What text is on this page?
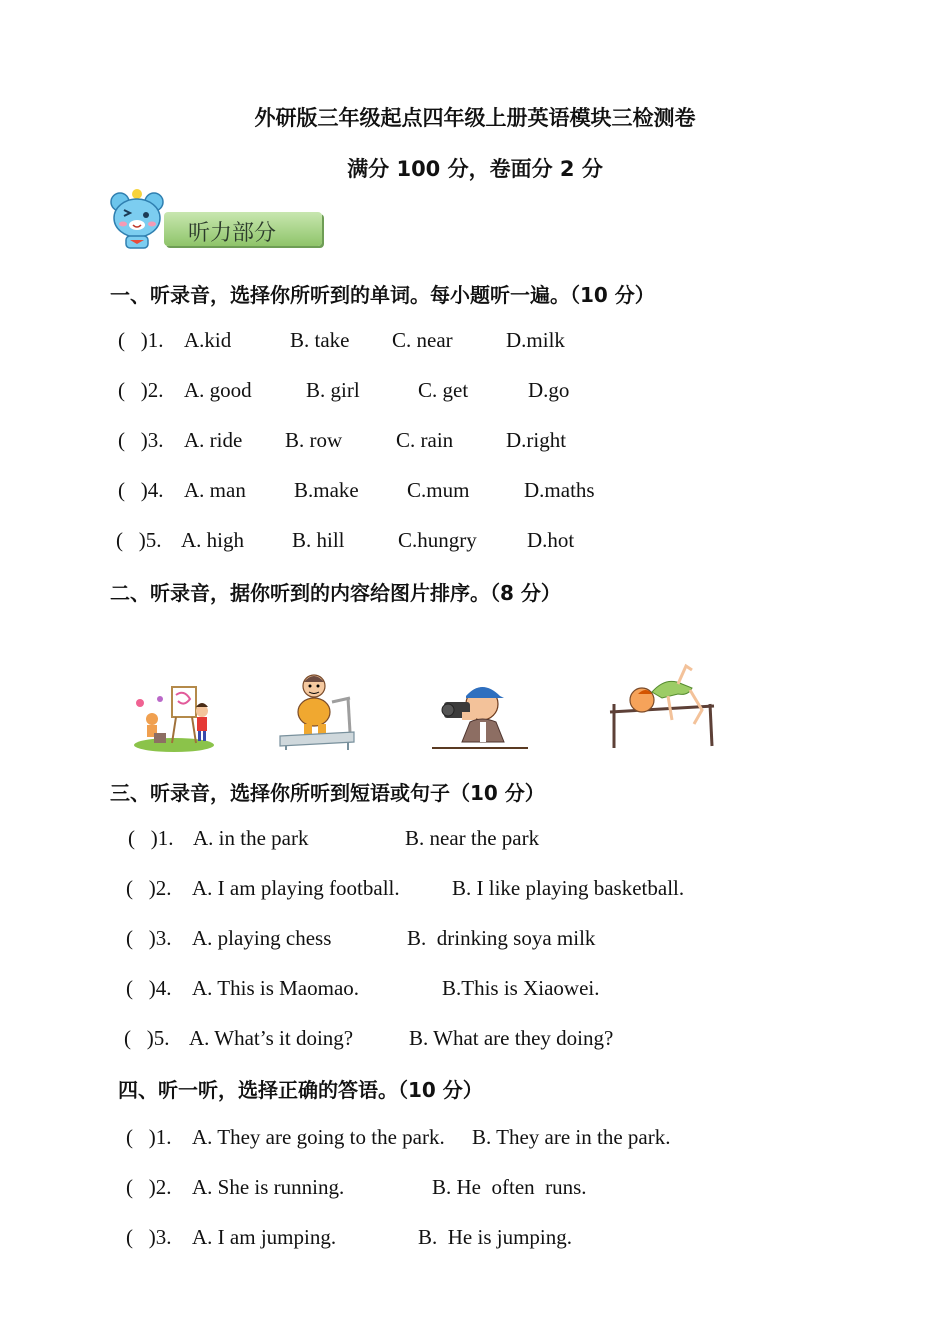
外研版三年级起点四年级上册英语模块三检测卷
满分 100 分，卷面分 2 分
听力部分
一、听录音，选择你所听到的单词。每小题听一遍。（10 分）
(   )1. A.kid	B. take C. near	D.milk
(   )2. A. good	B. girl	C. get	D.go
(   )3. A. ride B. row	C. rain	D.right
(   )4. A. man B.make C.mum	D.maths
(   )5. A. high B. hill	C.hungry D.hot
二、听录音，据你听到的内容给图片排序。（8 分）
三、听录音，选择你所听到短语或句子（10 分）
(   )1. A. in the park	B. near the park
(   )2. A. I am playing football. B. I like playing basketball.
(   )3. A. playing chess	B.  drinking soya milk
(   )4. A. This is Maomao.	B.This is Xiaowei.
(   )5. A. What’s it doing?	B. What are they doing?
四、听一听，选择正确的答语。（10 分）
(   )1. A. They are going to the park. B. They are in the park.
(   )2. A. She is running.	B. He  often  runs.
(   )3. A. I am jumping.	B.  He is jumping.
